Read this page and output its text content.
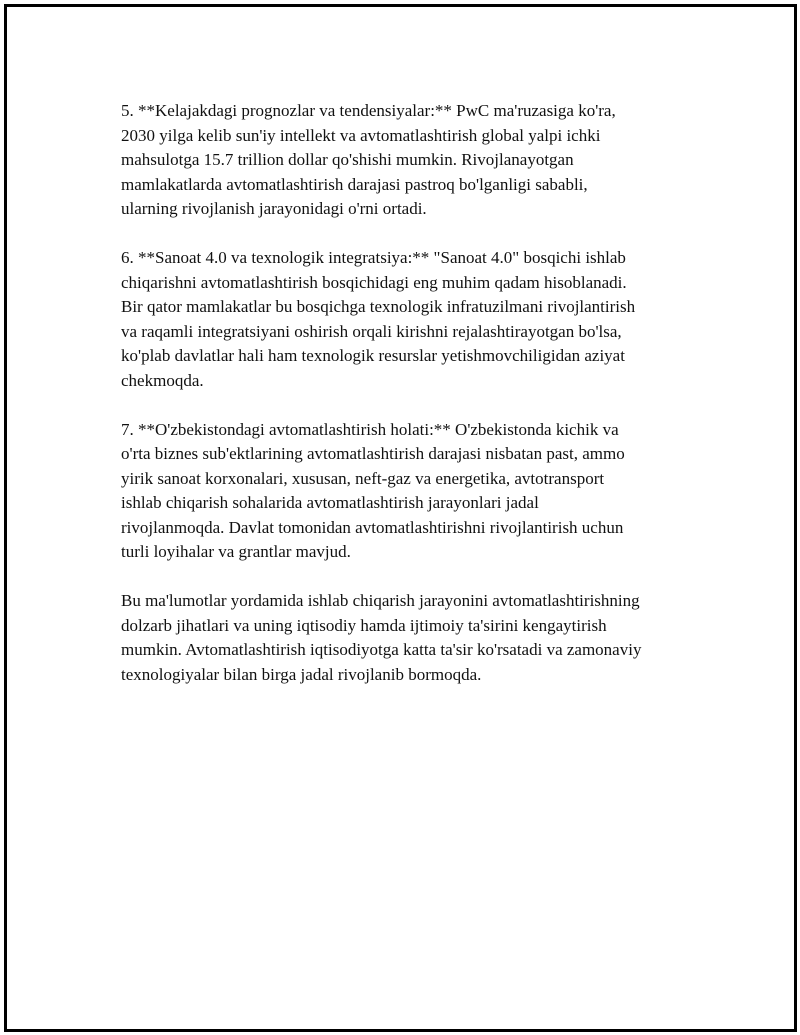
5. **Kelajakdagi prognozlar va tendensiyalar:** PwC ma'ruzasiga ko'ra,
2030 yilga kelib sun'iy intellekt va avtomatlashtirish global yalpi ichki
mahsulotga 15.7 trillion dollar qo'shishi mumkin. Rivojlanayotgan
mamlakatlarda avtomatlashtirish darajasi pastroq bo'lganligi sababli,
ularning rivojlanish jarayonidagi o'rni ortadi.

6. **Sanoat 4.0 va texnologik integratsiya:** "Sanoat 4.0" bosqichi ishlab
chiqarishni avtomatlashtirish bosqichidagi eng muhim qadam hisoblanadi.
Bir qator mamlakatlar bu bosqichga texnologik infratuzilmani rivojlantirish
va raqamli integratsiyani oshirish orqali kirishni rejalashtirayotgan bo'lsa,
ko'plab davlatlar hali ham texnologik resurslar yetishmovchiligidan aziyat
chekmoqda.

7. **O'zbekistondagi avtomatlashtirish holati:** O'zbekistonda kichik va
o'rta biznes sub'ektlarining avtomatlashtirish darajasi nisbatan past, ammo
yirik sanoat korxonalari, xususan, neft-gaz va energetika, avtotransport
ishlab chiqarish sohalarida avtomatlashtirish jarayonlari jadal
rivojlanmoqda. Davlat tomonidan avtomatlashtirishni rivojlantirish uchun
turli loyihalar va grantlar mavjud.

Bu ma'lumotlar yordamida ishlab chiqarish jarayonini avtomatlashtirishning
dolzarb jihatlari va uning iqtisodiy hamda ijtimoiy ta'sirini kengaytirish
mumkin. Avtomatlashtirish iqtisodiyotga katta ta'sir ko'rsatadi va zamonaviy
texnologiyalar bilan birga jadal rivojlanib bormoqda.
